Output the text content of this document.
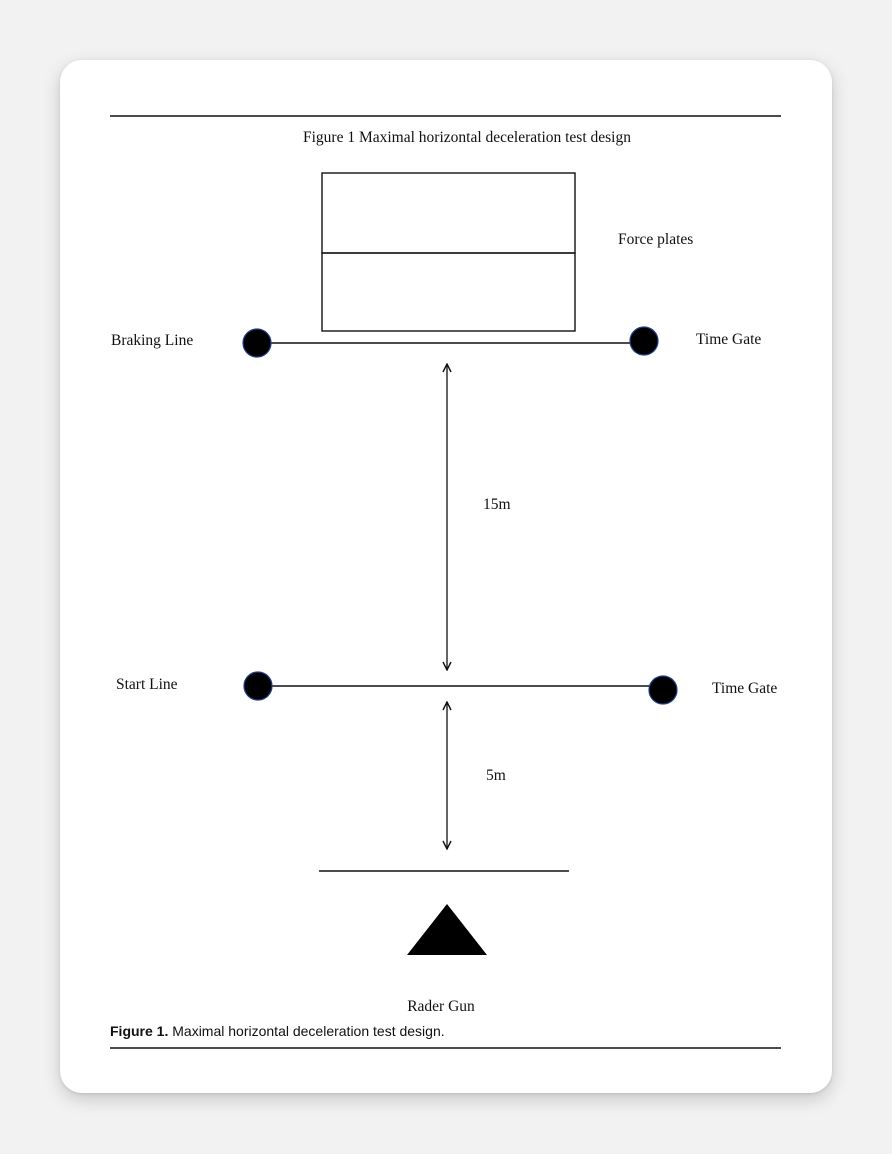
Figure 1 Maximal horizontal deceleration test design
Force plates
Braking Line	Time Gate
15m
Start Line	Time Gate
5m
Rader Gun
Figure 1. Maximal horizontal deceleration test design.
